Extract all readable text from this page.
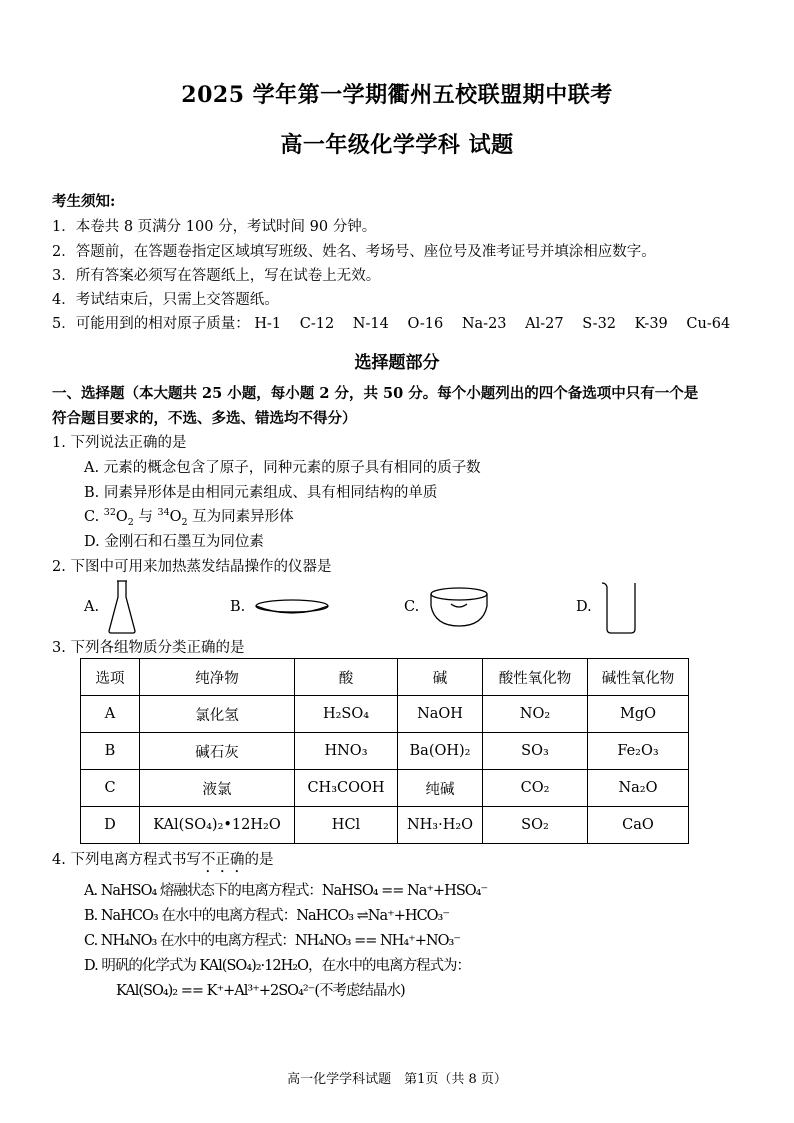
2025 学年第一学期衢州五校联盟期中联考
高一年级化学学科 试题
考生须知:
1．本卷共 8 页满分 100 分，考试时间 90 分钟。
2．答题前，在答题卷指定区域填写班级、姓名、考场号、座位号及准考证号并填涂相应数字。
3．所有答案必须写在答题纸上，写在试卷上无效。
4．考试结束后，只需上交答题纸。
5．可能用到的相对原子质量： H-1 C-12 N-14 O-16 Na-23 Al-27 S-32 K-39 Cu-64
选择题部分
一、选择题（本大题共 25 小题，每小题 2 分，共 50 分。每个小题列出的四个备选项中只有一个是
符合题目要求的，不选、多选、错选均不得分）
1. 下列说法正确的是
A. 元素的概念包含了原子，同种元素的原子具有相同的质子数
B. 同素异形体是由相同元素组成、具有相同结构的单质
C. $^{32}O_2$ 与 $^{34}O_2$ 互为同素异形体
D. 金刚石和石墨互为同位素
2. 下图中可用来加热蒸发结晶操作的仪器是
A.	B.	C.	D.
3. 下列各组物质分类正确的是
选项	纯净物	酸	碱	酸性氧化物	碱性氧化物
A	氯化氢	H₂SO₄	NaOH	NO₂	MgO
B	碱石灰	HNO₃	Ba(OH)₂	SO₃	Fe₂O₃
C	液氯	CH₃COOH	纯碱	CO₂	Na₂O
D	KAl(SO₄)₂•12H₂O	HCl	NH₃·H₂O	SO₂	CaO
4. 下列电离方程式书写不正确的是
A. NaHSO₄ 熔融状态下的电离方程式：NaHSO₄ == Na⁺+HSO₄⁻
B. NaHCO₃ 在水中的电离方程式：NaHCO₃ ⇌Na⁺+HCO₃⁻
C. NH₄NO₃ 在水中的电离方程式：NH₄NO₃ == NH₄⁺+NO₃⁻
D. 明矾的化学式为 KAl(SO₄)₂·12H₂O，在水中的电离方程式为：
KAl(SO₄)₂ == K⁺+Al³⁺+2SO₄²⁻(不考虑结晶水)
高一化学学科试题　第1页（共 8 页）
